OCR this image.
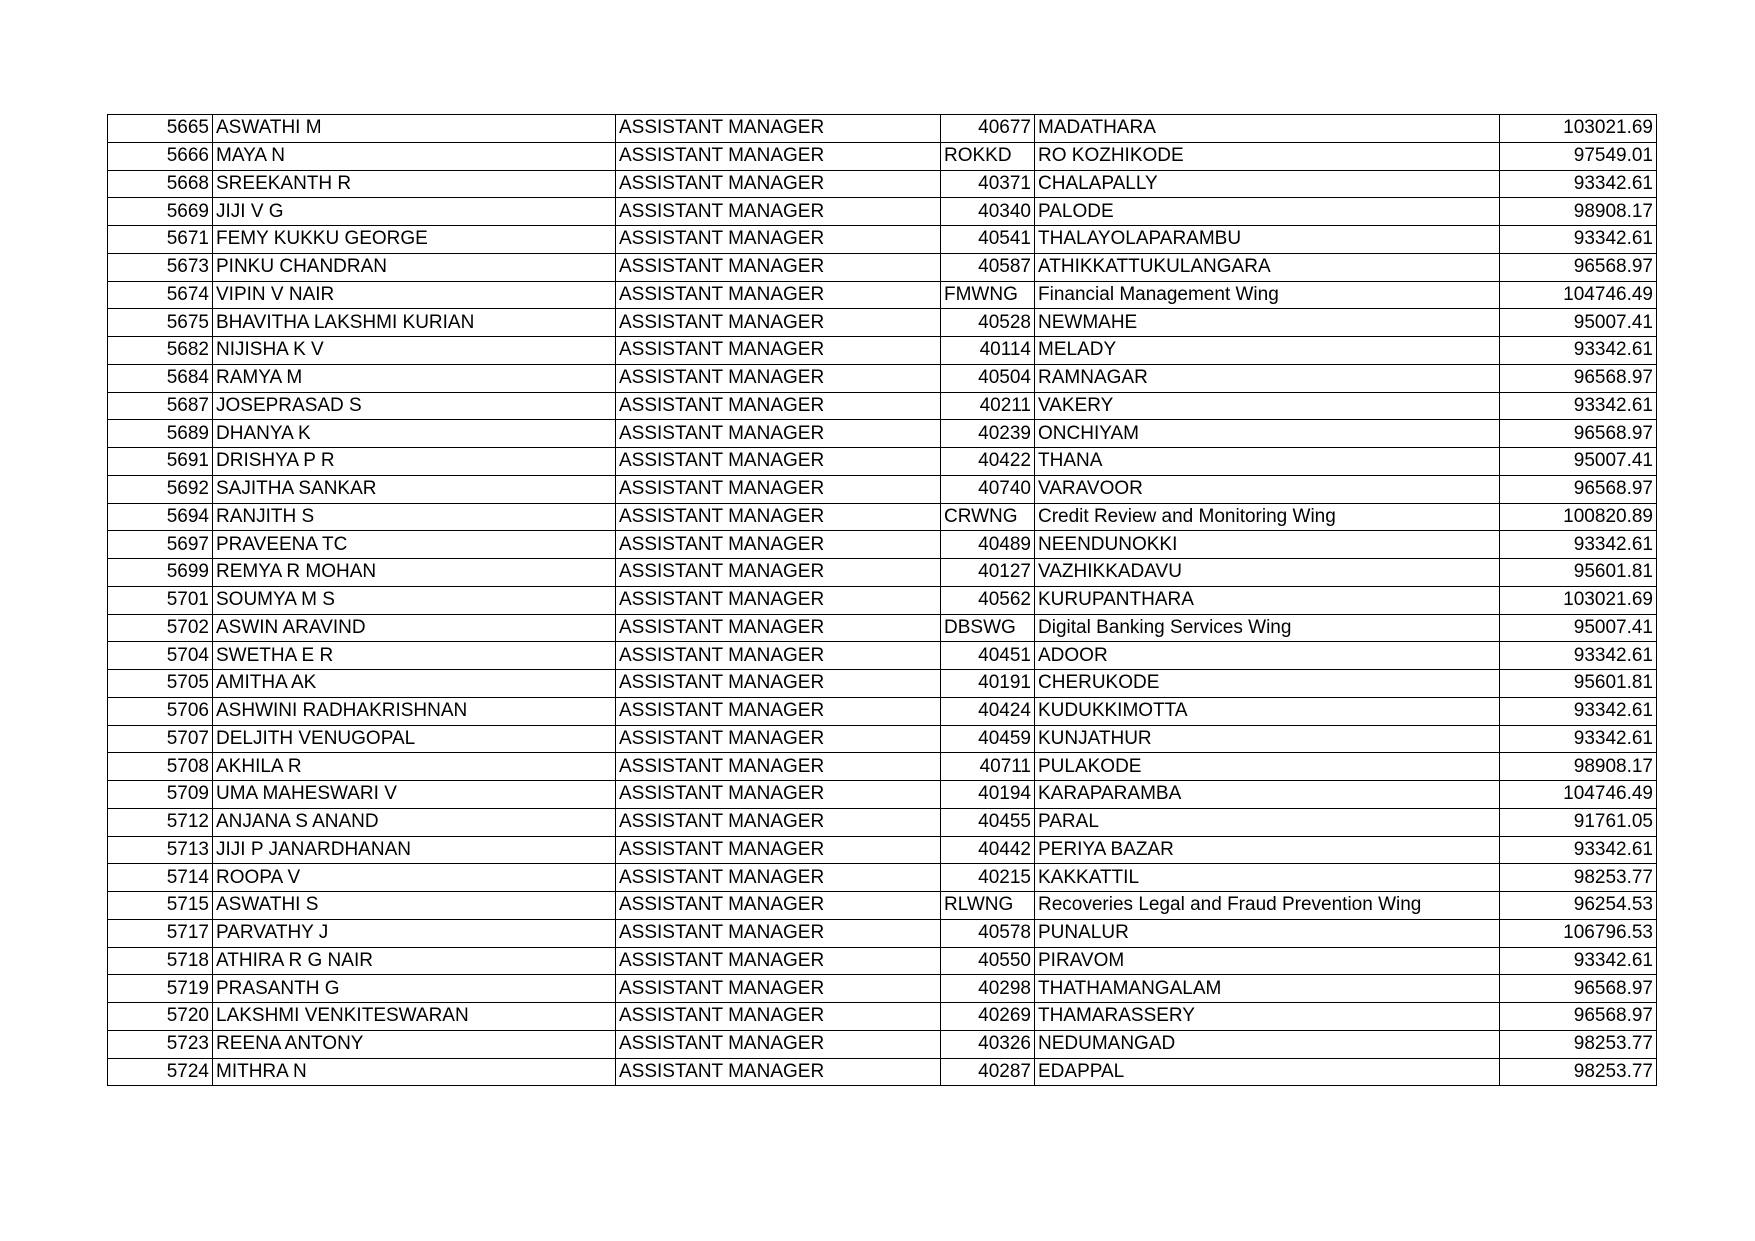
5665	ASWATHI M	ASSISTANT MANAGER	40677	MADATHARA	103021.69
5666	MAYA N	ASSISTANT MANAGER	ROKKD	RO KOZHIKODE	97549.01
5668	SREEKANTH R	ASSISTANT MANAGER	40371	CHALAPALLY	93342.61
5669	JIJI V G	ASSISTANT MANAGER	40340	PALODE	98908.17
5671	FEMY KUKKU GEORGE	ASSISTANT MANAGER	40541	THALAYOLAPARAMBU	93342.61
5673	PINKU CHANDRAN	ASSISTANT MANAGER	40587	ATHIKKATTUKULANGARA	96568.97
5674	VIPIN V NAIR	ASSISTANT MANAGER	FMWNG	Financial Management Wing	104746.49
5675	BHAVITHA LAKSHMI KURIAN	ASSISTANT MANAGER	40528	NEWMAHE	95007.41
5682	NIJISHA K V	ASSISTANT MANAGER	40114	MELADY	93342.61
5684	RAMYA M	ASSISTANT MANAGER	40504	RAMNAGAR	96568.97
5687	JOSEPRASAD S	ASSISTANT MANAGER	40211	VAKERY	93342.61
5689	DHANYA K	ASSISTANT MANAGER	40239	ONCHIYAM	96568.97
5691	DRISHYA P R	ASSISTANT MANAGER	40422	THANA	95007.41
5692	SAJITHA SANKAR	ASSISTANT MANAGER	40740	VARAVOOR	96568.97
5694	RANJITH S	ASSISTANT MANAGER	CRWNG	Credit Review and Monitoring Wing	100820.89
5697	PRAVEENA TC	ASSISTANT MANAGER	40489	NEENDUNOKKI	93342.61
5699	REMYA R MOHAN	ASSISTANT MANAGER	40127	VAZHIKKADAVU	95601.81
5701	SOUMYA M S	ASSISTANT MANAGER	40562	KURUPANTHARA	103021.69
5702	ASWIN ARAVIND	ASSISTANT MANAGER	DBSWG	Digital Banking Services Wing	95007.41
5704	SWETHA E R	ASSISTANT MANAGER	40451	ADOOR	93342.61
5705	AMITHA AK	ASSISTANT MANAGER	40191	CHERUKODE	95601.81
5706	ASHWINI RADHAKRISHNAN	ASSISTANT MANAGER	40424	KUDUKKIMOTTA	93342.61
5707	DELJITH VENUGOPAL	ASSISTANT MANAGER	40459	KUNJATHUR	93342.61
5708	AKHILA R	ASSISTANT MANAGER	40711	PULAKODE	98908.17
5709	UMA MAHESWARI V	ASSISTANT MANAGER	40194	KARAPARAMBA	104746.49
5712	ANJANA S ANAND	ASSISTANT MANAGER	40455	PARAL	91761.05
5713	JIJI P JANARDHANAN	ASSISTANT MANAGER	40442	PERIYA BAZAR	93342.61
5714	ROOPA V	ASSISTANT MANAGER	40215	KAKKATTIL	98253.77
5715	ASWATHI S	ASSISTANT MANAGER	RLWNG	Recoveries Legal and Fraud Prevention Wing	96254.53
5717	PARVATHY J	ASSISTANT MANAGER	40578	PUNALUR	106796.53
5718	ATHIRA R G NAIR	ASSISTANT MANAGER	40550	PIRAVOM	93342.61
5719	PRASANTH G	ASSISTANT MANAGER	40298	THATHAMANGALAM	96568.97
5720	LAKSHMI VENKITESWARAN	ASSISTANT MANAGER	40269	THAMARASSERY	96568.97
5723	REENA ANTONY	ASSISTANT MANAGER	40326	NEDUMANGAD	98253.77
5724	MITHRA N	ASSISTANT MANAGER	40287	EDAPPAL	98253.77
